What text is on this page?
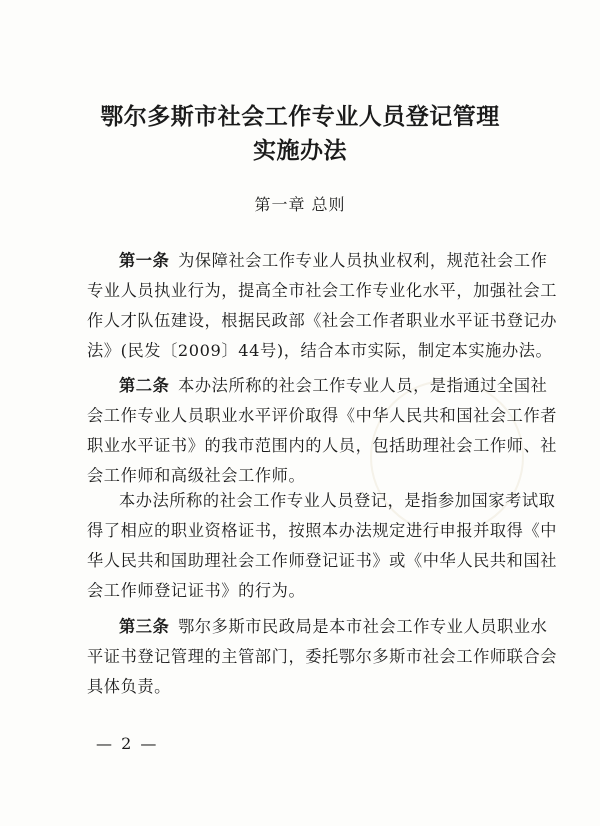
鄂尔多斯市社会工作专业人员登记管理
实施办法
第一章 总则
第一条  为保障社会工作专业人员执业权利，规范社会工作
专业人员执业行为，提高全市社会工作专业化水平，加强社会工
作人才队伍建设，根据民政部《社会工作者职业水平证书登记办
法》(民发〔2009〕44号)，结合本市实际，制定本实施办法。
第二条  本办法所称的社会工作专业人员，是指通过全国社
会工作专业人员职业水平评价取得《中华人民共和国社会工作者
职业水平证书》的我市范围内的人员，包括助理社会工作师、社
会工作师和高级社会工作师。
本办法所称的社会工作专业人员登记，是指参加国家考试取
得了相应的职业资格证书，按照本办法规定进行申报并取得《中
华人民共和国助理社会工作师登记证书》或《中华人民共和国社
会工作师登记证书》的行为。
第三条  鄂尔多斯市民政局是本市社会工作专业人员职业水
平证书登记管理的主管部门，委托鄂尔多斯市社会工作师联合会
具体负责。
— 2 —
